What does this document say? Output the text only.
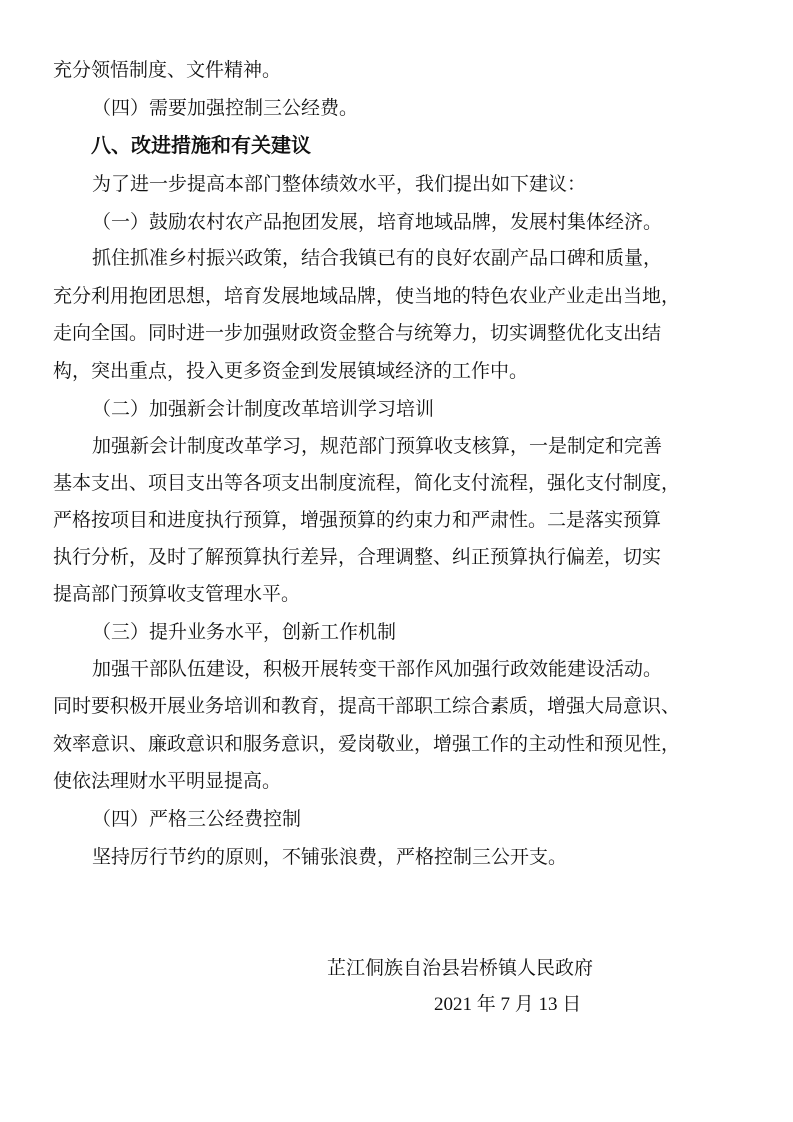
充分领悟制度、文件精神。
（四）需要加强控制三公经费。
八、改进措施和有关建议
为了进一步提高本部门整体绩效水平，我们提出如下建议：
（一）鼓励农村农产品抱团发展，培育地域品牌，发展村集体经济。
抓住抓准乡村振兴政策，结合我镇已有的良好农副产品口碑和质量，
充分利用抱团思想，培育发展地域品牌，使当地的特色农业产业走出当地，
走向全国。同时进一步加强财政资金整合与统筹力，切实调整优化支出结
构，突出重点，投入更多资金到发展镇域经济的工作中。
（二）加强新会计制度改革培训学习培训
加强新会计制度改革学习，规范部门预算收支核算，一是制定和完善
基本支出、项目支出等各项支出制度流程，简化支付流程，强化支付制度，
严格按项目和进度执行预算，增强预算的约束力和严肃性。二是落实预算
执行分析，及时了解预算执行差异，合理调整、纠正预算执行偏差，切实
提高部门预算收支管理水平。
（三）提升业务水平，创新工作机制
加强干部队伍建设，积极开展转变干部作风加强行政效能建设活动。
同时要积极开展业务培训和教育，提高干部职工综合素质，增强大局意识、
效率意识、廉政意识和服务意识，爱岗敬业，增强工作的主动性和预见性，
使依法理财水平明显提高。
（四）严格三公经费控制
坚持厉行节约的原则，不铺张浪费，严格控制三公开支。
芷江侗族自治县岩桥镇人民政府
2021 年 7 月 13 日
